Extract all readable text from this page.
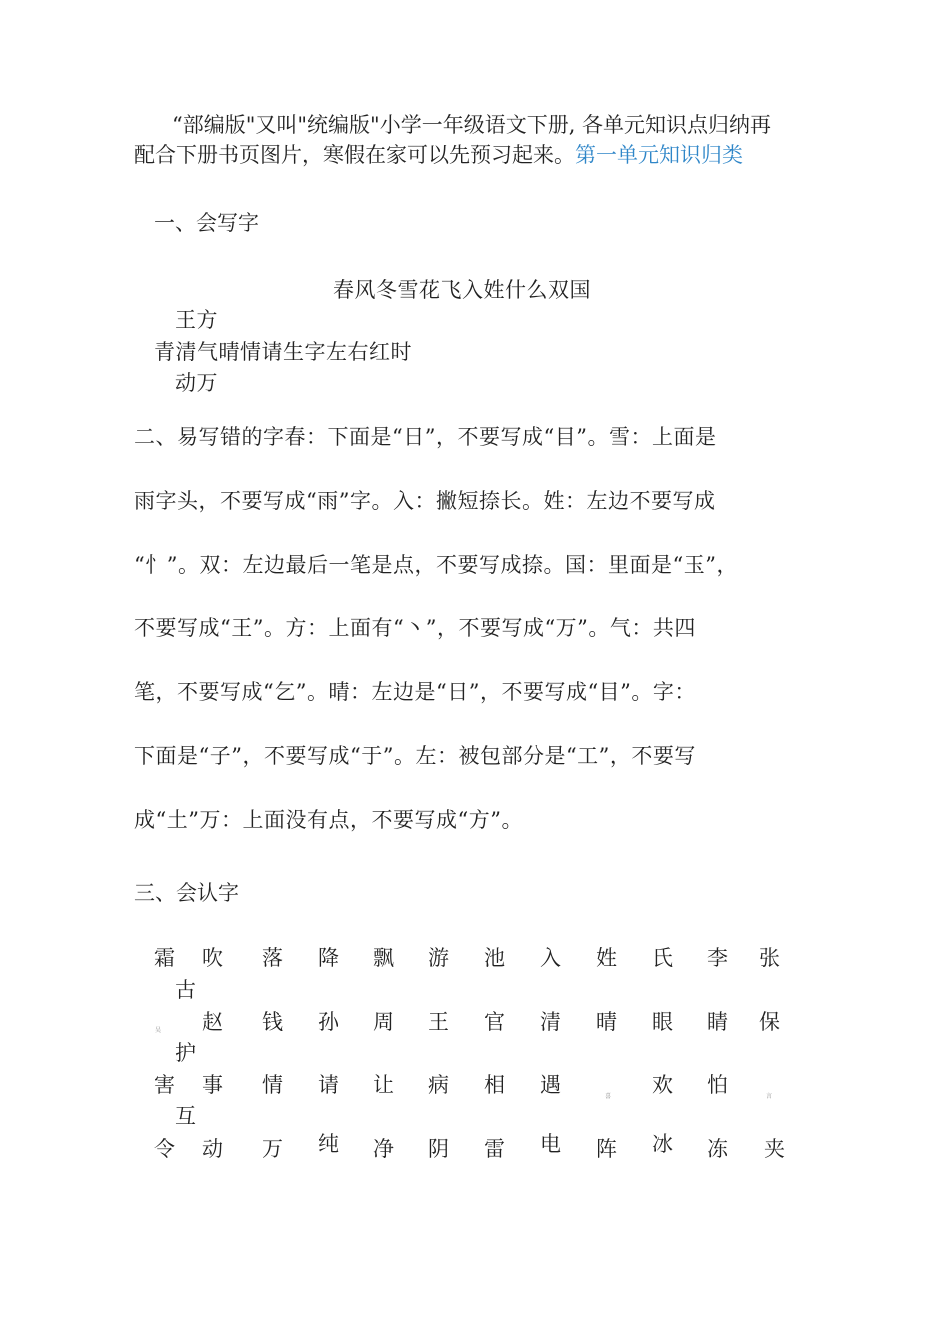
“部编版"又叫"统编版"小学一年级语文下册, 各单元知识点归纳再
配合下册书页图片，寒假在家可以先预习起来。第一单元知识归类
一、会写字
春风冬雪花飞入姓什么双国
王方
青清气晴情请生字左右红时
动万
二、易写错的字春：下面是“日”，不要写成“目”。雪：上面是
雨字头，不要写成“雨”字。入：撇短捺长。姓：左边不要写成
“忄”。双：左边最后一笔是点，不要写成捺。国：里面是“玉”，
不要写成“王”。方：上面有“丶”，不要写成“万”。气：共四
笔，不要写成“乞”。晴：左边是“日”，不要写成“目”。字：
下面是“子”，不要写成“于”。左：被包部分是“工”，不要写
成“土”万：上面没有点，不要写成“方”。
三、会认字
霜 吹 落 降 飘 游 池 入 姓 氏 李 张
古
吴 赵 钱 孙 周 王 官 清 晴 眼 睛 保
护
害 事 情 请 让 病 相 遇	喜 欢 怕	言
互
令 动 万 纯 净 阴 雷 电 阵 冰 冻 夹
